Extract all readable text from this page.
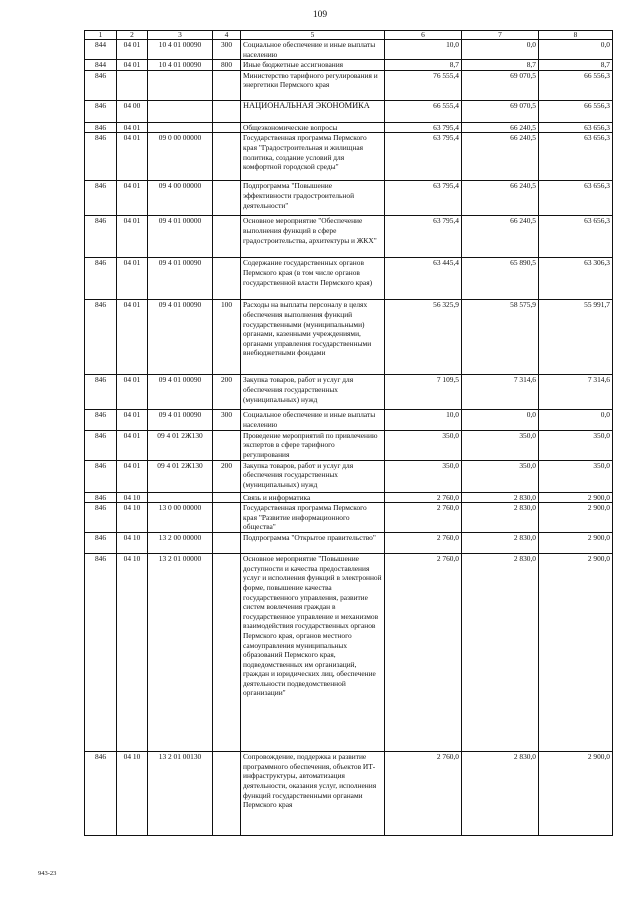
109
1	2	3	4	5	6	7	8
844	04 01	10 4 01 00090	300	Социальное обеспечение и иные выплаты населению	10,0	0,0	0,0
844	04 01	10 4 01 00090	800	Иные бюджетные ассигнования	8,7	8,7	8,7
846				Министерство тарифного регулирования и энергетики Пермского края	76 555,4	69 070,5	66 556,3
846	04 00			НАЦИОНАЛЬНАЯ ЭКОНОМИКА	66 555,4	69 070,5	66 556,3
846	04 01			Общеэкономические вопросы	63 795,4	66 240,5	63 656,3
846	04 01	09 0 00 00000		Государственная программа Пермского края "Градостроительная и жилищная политика, создание условий для комфортной городской среды"	63 795,4	66 240,5	63 656,3
846	04 01	09 4 00 00000		Подпрограмма "Повышение эффективности градостроительной деятельности"	63 795,4	66 240,5	63 656,3
846	04 01	09 4 01 00000		Основное мероприятие "Обеспечение выполнения функций в сфере градостроительства, архитектуры и ЖКХ"	63 795,4	66 240,5	63 656,3
846	04 01	09 4 01 00090		Содержание государственных органов Пермского края (в том числе органов государственной власти Пермского края)	63 445,4	65 890,5	63 306,3
846	04 01	09 4 01 00090	100	Расходы на выплаты персоналу в целях обеспечения выполнения функций государственными (муниципальными) органами, казенными учреждениями, органами управления государственными внебюджетными фондами	56 325,9	58 575,9	55 991,7
846	04 01	09 4 01 00090	200	Закупка товаров, работ и услуг для обеспечения государственных (муниципальных) нужд	7 109,5	7 314,6	7 314,6
846	04 01	09 4 01 00090	300	Социальное обеспечение и иные выплаты населению	10,0	0,0	0,0
846	04 01	09 4 01 2Ж130		Проведение мероприятий по привлечению экспертов в сфере тарифного регулирования	350,0	350,0	350,0
846	04 01	09 4 01 2Ж130	200	Закупка товаров, работ и услуг для обеспечения государственных (муниципальных) нужд	350,0	350,0	350,0
846	04 10			Связь и информатика	2 760,0	2 830,0	2 900,0
846	04 10	13 0 00 00000		Государственная программа Пермского края "Развитие информационного общества"	2 760,0	2 830,0	2 900,0
846	04 10	13 2 00 00000		Подпрограмма "Открытое правительство"	2 760,0	2 830,0	2 900,0
846	04 10	13 2 01 00000		Основное мероприятие "Повышение доступности и качества предоставления услуг и исполнения функций в электронной форме, повышение качества государственного управления, развитие систем вовлечения граждан в государственное управление и механизмов взаимодействия государственных органов Пермского края, органов местного самоуправления муниципальных образований Пермского края, подведомственных им организаций, граждан и юридических лиц, обеспечение деятельности подведомственной организации"	2 760,0	2 830,0	2 900,0
846	04 10	13 2 01 00130		Сопровождение, поддержка и развитие программного обеспечения, объектов ИТ-инфраструктуры, автоматизация деятельности, оказания услуг, исполнения функций государственными органами Пермского края	2 760,0	2 830,0	2 900,0
943-23
